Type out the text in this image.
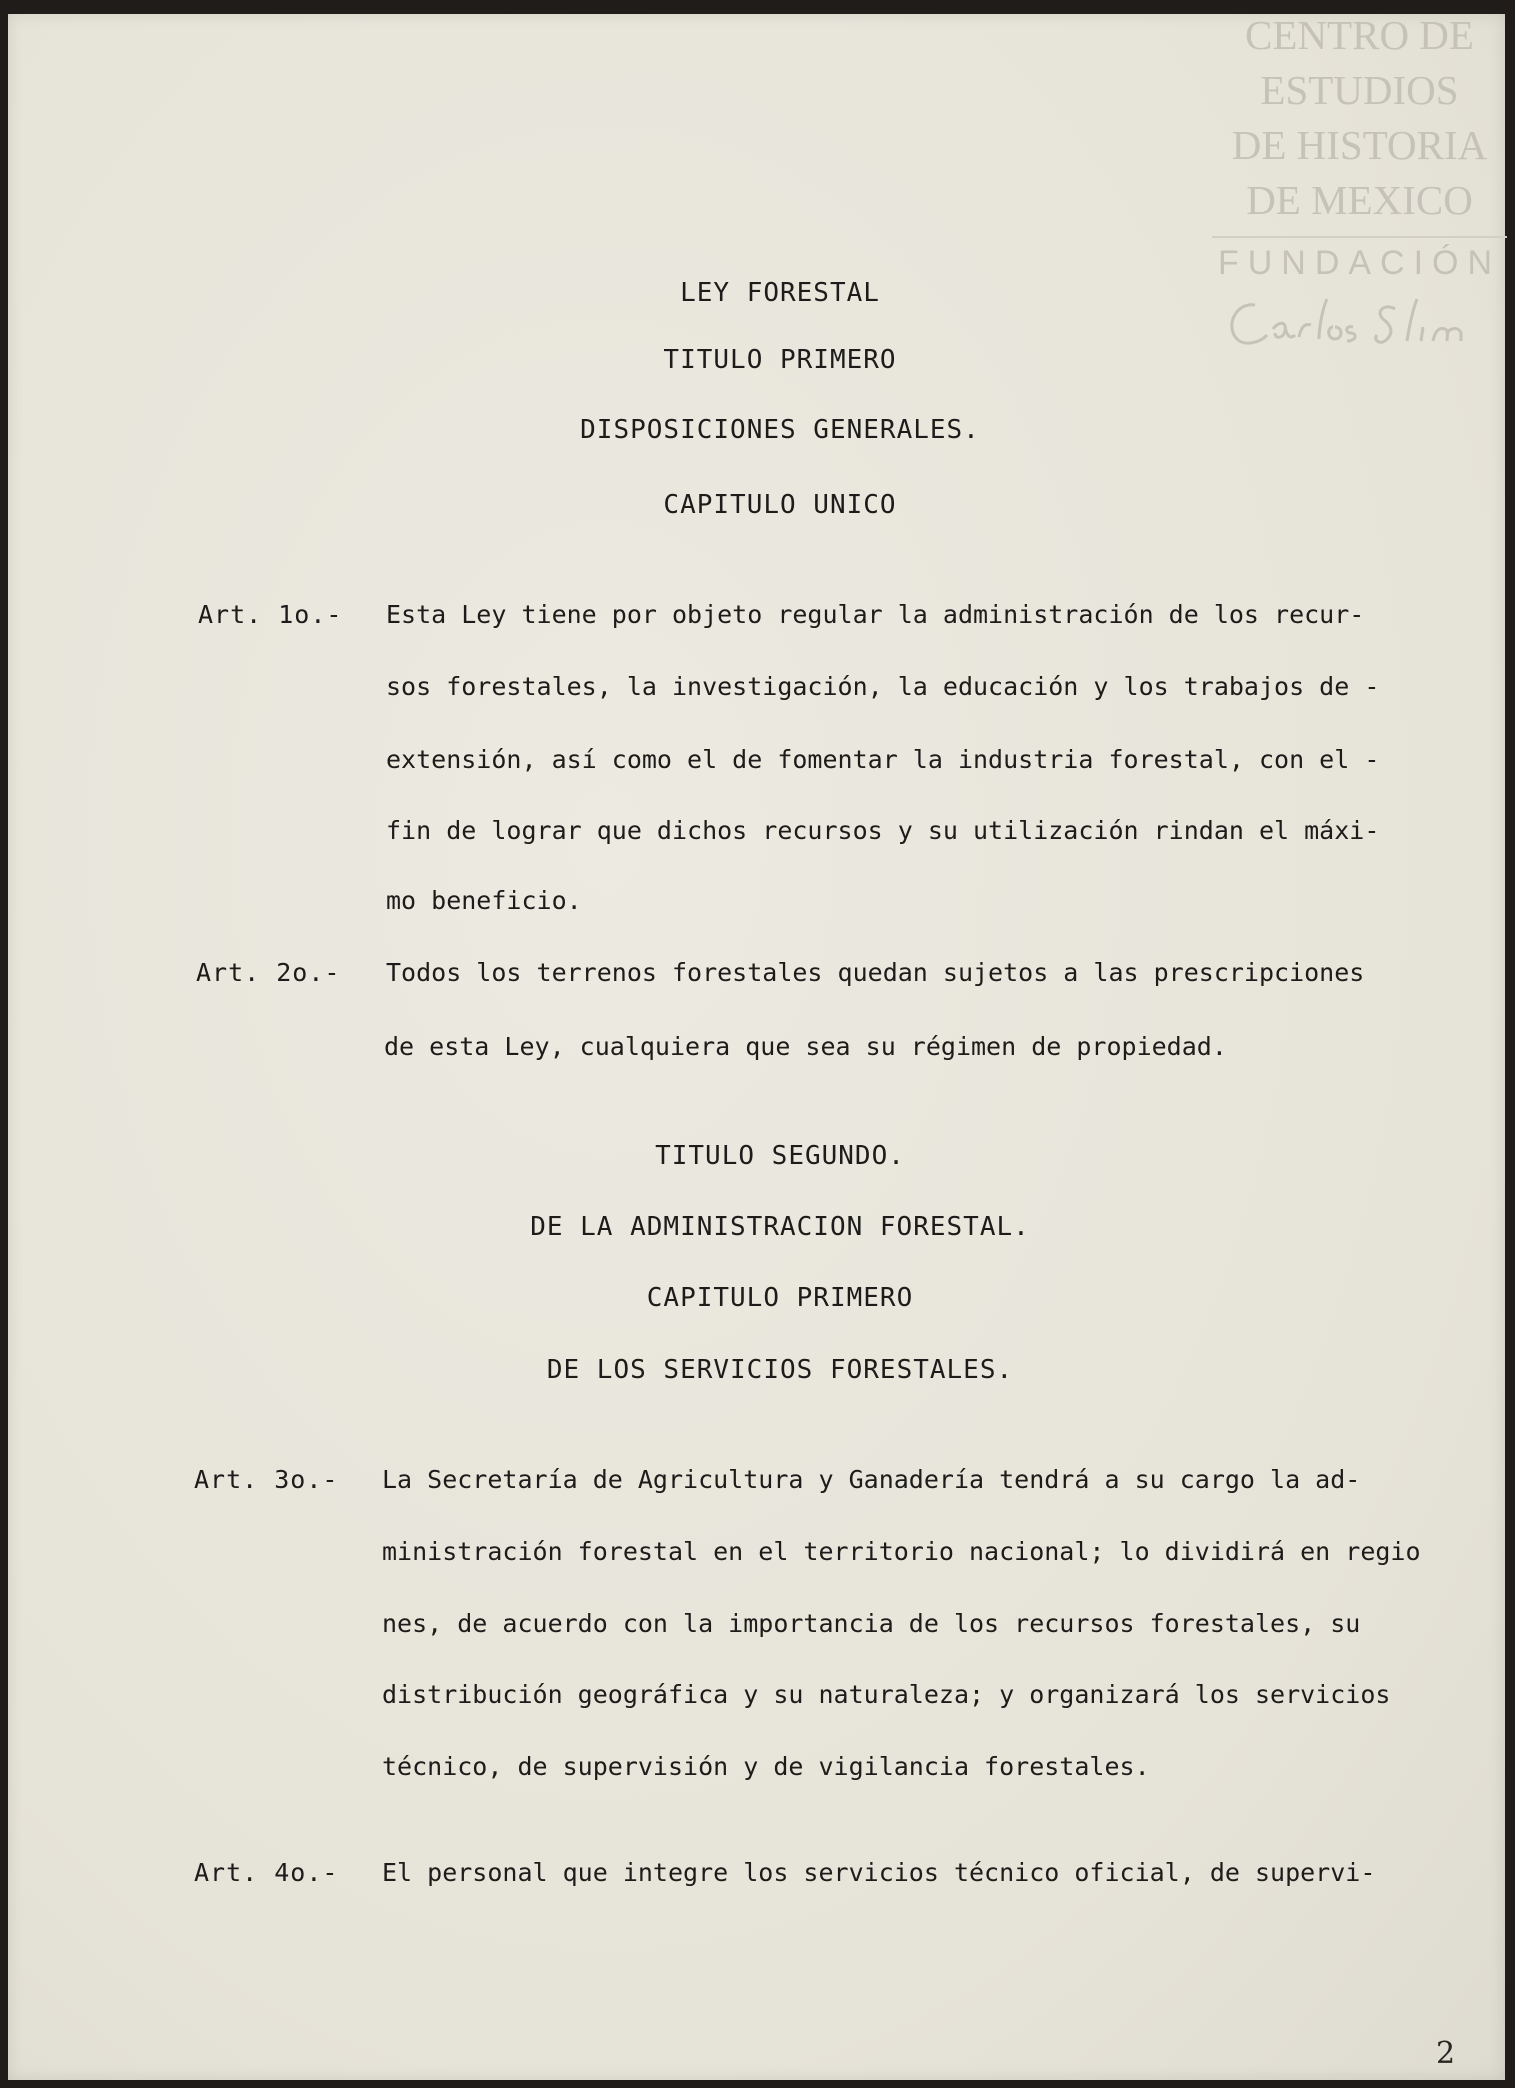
CENTRO DE
ESTUDIOS
DE HISTORIA
DE MEXICO
FUNDACIÓN
LEY FORESTAL
TITULO PRIMERO
DISPOSICIONES GENERALES.
CAPITULO UNICO
Art. 1o.- Esta Ley tiene por objeto regular la administración de los recur-
sos forestales, la investigación, la educación y los trabajos de -
extensión, así como el de fomentar la industria forestal, con el -
fin de lograr que dichos recursos y su utilización rindan el máxi-
mo beneficio.
Art. 2o.- Todos los terrenos forestales quedan sujetos a las prescripciones
de esta Ley, cualquiera que sea su régimen de propiedad.
TITULO SEGUNDO.
DE LA ADMINISTRACION FORESTAL.
CAPITULO PRIMERO
DE LOS SERVICIOS FORESTALES.
Art. 3o.- La Secretaría de Agricultura y Ganadería tendrá a su cargo la ad-
ministración forestal en el territorio nacional; lo dividirá en regio
nes, de acuerdo con la importancia de los recursos forestales, su
distribución geográfica y su naturaleza; y organizará los servicios
técnico, de supervisión y de vigilancia forestales.
Art. 4o.- El personal que integre los servicios técnico oficial, de supervi-
2
